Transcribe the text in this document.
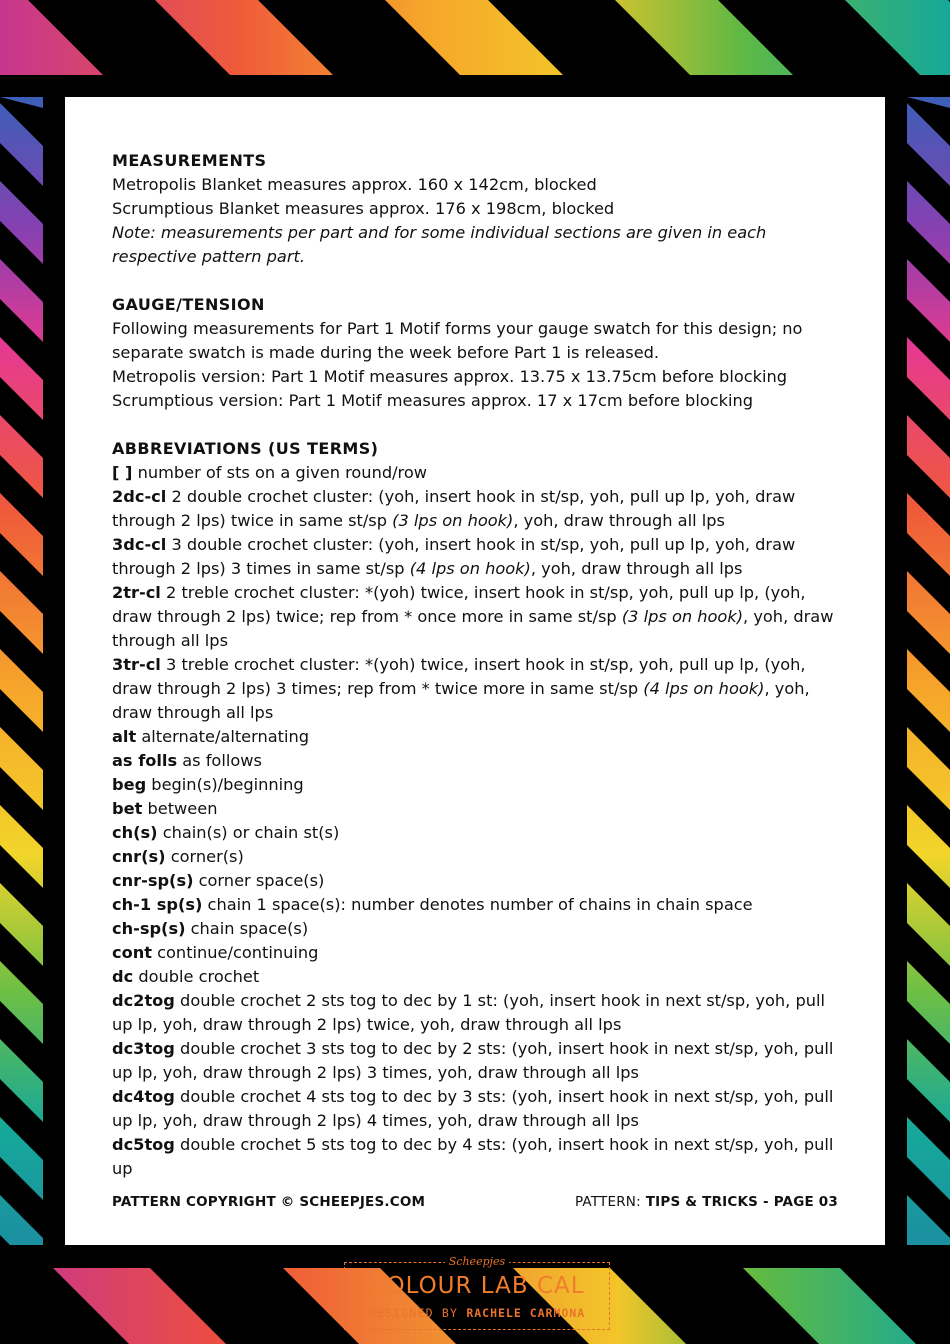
MEASUREMENTS

Metropolis Blanket measures approx. 160 x 142cm, blocked

Scrumptious Blanket measures approx. 176 x 198cm, blocked

Note: measurements per part and for some individual sections are given in each respective pattern part.

GAUGE/TENSION

Following measurements for Part 1 Motif forms your gauge swatch for this design; no separate swatch is made during the week before Part 1 is released.

Metropolis version: Part 1 Motif measures approx. 13.75 x 13.75cm before blocking

Scrumptious version: Part 1 Motif measures approx. 17 x 17cm before blocking

ABBREVIATIONS (US TERMS)

[ ] number of sts on a given round/row

2dc-cl 2 double crochet cluster: (yoh, insert hook in st/sp, yoh, pull up lp, yoh, draw through 2 lps) twice in same st/sp (3 lps on hook), yoh, draw through all lps

3dc-cl 3 double crochet cluster: (yoh, insert hook in st/sp, yoh, pull up lp, yoh, draw through 2 lps) 3 times in same st/sp (4 lps on hook), yoh, draw through all lps

2tr-cl 2 treble crochet cluster: *(yoh) twice, insert hook in st/sp, yoh, pull up lp, (yoh, draw through 2 lps) twice; rep from * once more in same st/sp (3 lps on hook), yoh, draw through all lps

3tr-cl 3 treble crochet cluster: *(yoh) twice, insert hook in st/sp, yoh, pull up lp, (yoh, draw through 2 lps) 3 times; rep from * twice more in same st/sp (4 lps on hook), yoh, draw through all lps

alt alternate/alternating

as folls as follows

beg begin(s)/beginning

bet between

ch(s) chain(s) or chain st(s)

cnr(s) corner(s)

cnr-sp(s) corner space(s)

ch-1 sp(s) chain 1 space(s): number denotes number of chains in chain space

ch-sp(s) chain space(s)

cont continue/continuing

dc double crochet

dc2tog double crochet 2 sts tog to dec by 1 st: (yoh, insert hook in next st/sp, yoh, pull up lp, yoh, draw through 2 lps) twice, yoh, draw through all lps

dc3tog double crochet 3 sts tog to dec by 2 sts: (yoh, insert hook in next st/sp, yoh, pull up lp, yoh, draw through 2 lps) 3 times, yoh, draw through all lps

dc4tog double crochet 4 sts tog to dec by 3 sts: (yoh, insert hook in next st/sp, yoh, pull up lp, yoh, draw through 2 lps) 4 times, yoh, draw through all lps

dc5tog double crochet 5 sts tog to dec by 4 sts: (yoh, insert hook in next st/sp, yoh, pull up

PATTERN COPYRIGHT © SCHEEPJES.COM	PATTERN: TIPS & TRICKS - PAGE 03
Scheepjes
COLOUR LAB CAL
DESIGNED BY RACHELE CARMONA
